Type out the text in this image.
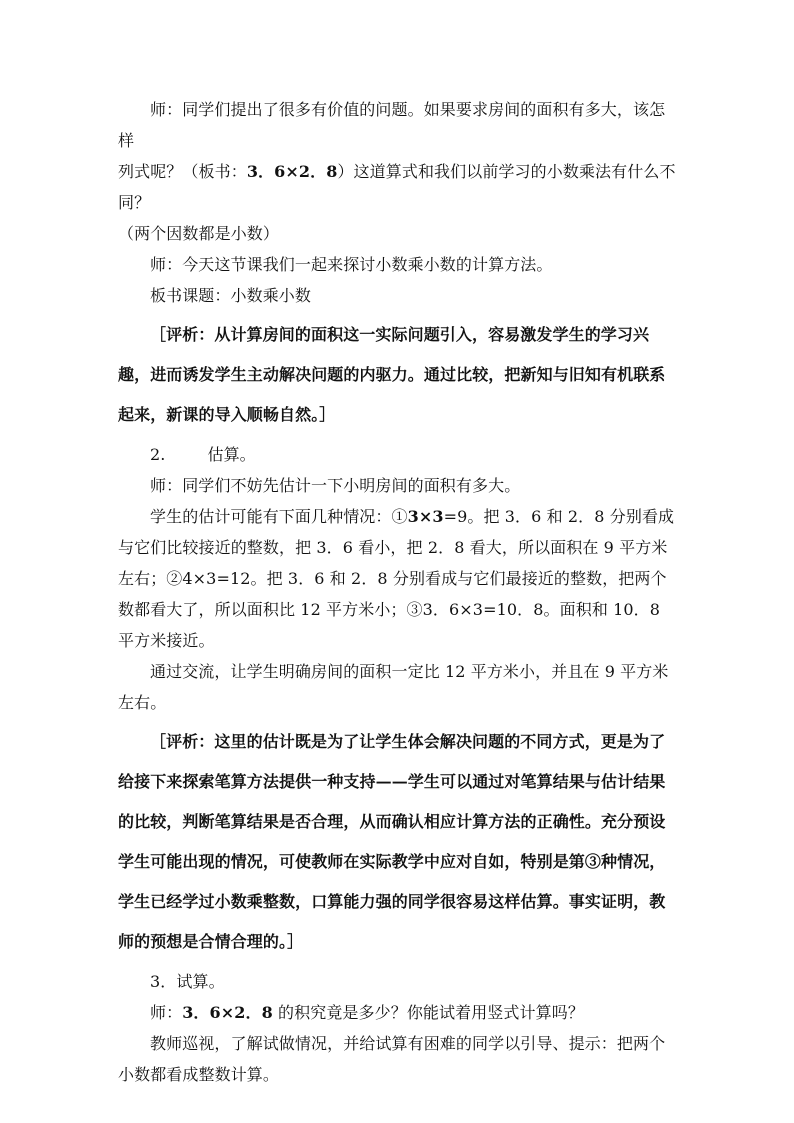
师：同学们提出了很多有价值的问题。如果要求房间的面积有多大，该怎样

列式呢？（板书：3．6×2．8）这道算式和我们以前学习的小数乘法有什么不同？

（两个因数都是小数）

师：今天这节课我们一起来探讨小数乘小数的计算方法。

板书课题：小数乘小数

［评析：从计算房间的面积这一实际问题引入，容易激发学生的学习兴趣，进而诱发学生主动解决问题的内驱力。通过比较，把新知与旧知有机联系起来，新课的导入顺畅自然。］

2.	估算。

师：同学们不妨先估计一下小明房间的面积有多大。

学生的估计可能有下面几种情况：①3×3=9。把 3．6 和 2．8 分别看成与它们比较接近的整数，把 3．6 看小，把 2．8 看大，所以面积在 9 平方米左右；②4×3=12。把 3．6 和 2．8 分别看成与它们最接近的整数，把两个数都看大了，所以面积比 12 平方米小；③3．6×3=10．8。面积和 10．8 平方米接近。

通过交流，让学生明确房间的面积一定比 12 平方米小，并且在 9 平方米左右。

［评析：这里的估计既是为了让学生体会解决问题的不同方式，更是为了给接下来探索笔算方法提供一种支持——学生可以通过对笔算结果与估计结果的比较，判断笔算结果是否合理，从而确认相应计算方法的正确性。充分预设学生可能出现的情况，可使教师在实际教学中应对自如，特别是第③种情况，学生已经学过小数乘整数，口算能力强的同学很容易这样估算。事实证明，教师的预想是合情合理的。］

3．试算。

师：3．6×2．8 的积究竟是多少？你能试着用竖式计算吗？

教师巡视，了解试做情况，并给试算有困难的同学以引导、提示：把两个小数都看成整数计算。
